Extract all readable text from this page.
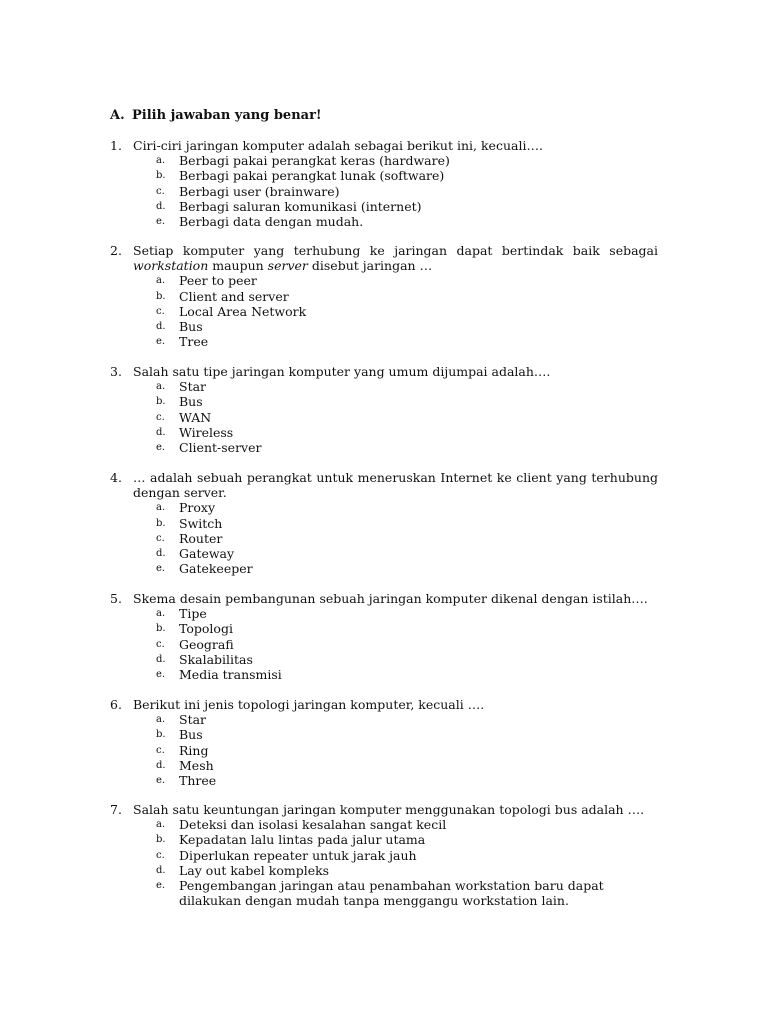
A. Pilih jawaban yang benar!
1. Ciri-ciri jaringan komputer adalah sebagai berikut ini, kecuali….
a.	Berbagi pakai perangkat keras (hardware)
b.	Berbagi pakai perangkat lunak (software)
c.	Berbagi user (brainware)
d.	Berbagi saluran komunikasi (internet)
e.	Berbagi data dengan mudah.
2. Setiap komputer yang terhubung ke jaringan dapat bertindak baik sebagai workstation maupun server disebut jaringan …
a.	Peer to peer
b.	Client and server
c.	Local Area Network
d.	Bus
e.	Tree
3. Salah satu tipe jaringan komputer yang umum dijumpai adalah….
a.	Star
b.	Bus
c.	WAN
d.	Wireless
e.	Client-server
4. … adalah sebuah perangkat untuk meneruskan Internet ke client yang terhubung dengan server.
a.	Proxy
b.	Switch
c.	Router
d.	Gateway
e.	Gatekeeper
5. Skema desain pembangunan sebuah jaringan komputer dikenal dengan istilah….
a.	Tipe
b.	Topologi
c.	Geografi
d.	Skalabilitas
e.	Media transmisi
6. Berikut ini jenis topologi jaringan komputer, kecuali ….
a.	Star
b.	Bus
c.	Ring
d.	Mesh
e.	Three
7. Salah satu keuntungan jaringan komputer menggunakan topologi bus adalah ….
a.	Deteksi dan isolasi kesalahan sangat kecil
b.	Kepadatan lalu lintas pada jalur utama
c.	Diperlukan repeater untuk jarak jauh
d.	Lay out kabel kompleks
e.	Pengembangan jaringan atau penambahan workstation baru dapat dilakukan dengan mudah tanpa menggangu workstation lain.
